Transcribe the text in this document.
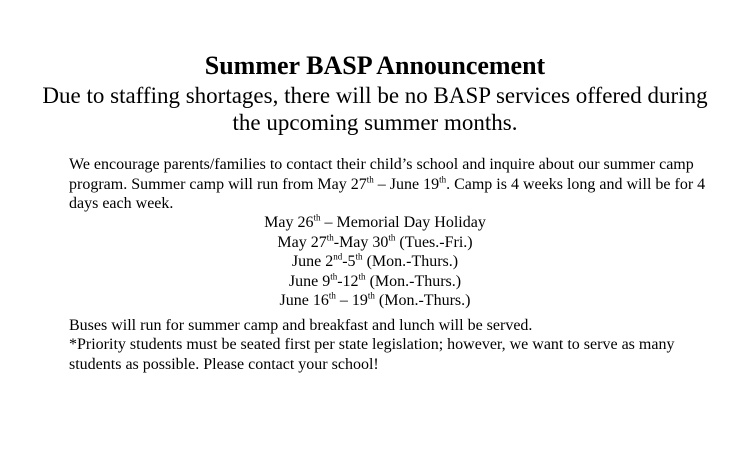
Summer BASP Announcement
Due to staffing shortages, there will be no BASP services offered during the upcoming summer months.
We encourage parents/families to contact their child’s school and inquire about our summer camp program. Summer camp will run from May 27th – June 19th. Camp is 4 weeks long and will be for 4 days each week.
May 26th – Memorial Day Holiday
May 27th-May 30th (Tues.-Fri.)
June 2nd-5th (Mon.-Thurs.)
June 9th-12th (Mon.-Thurs.)
June 16th – 19th (Mon.-Thurs.)
Buses will run for summer camp and breakfast and lunch will be served.
*Priority students must be seated first per state legislation; however, we want to serve as many students as possible. Please contact your school!
